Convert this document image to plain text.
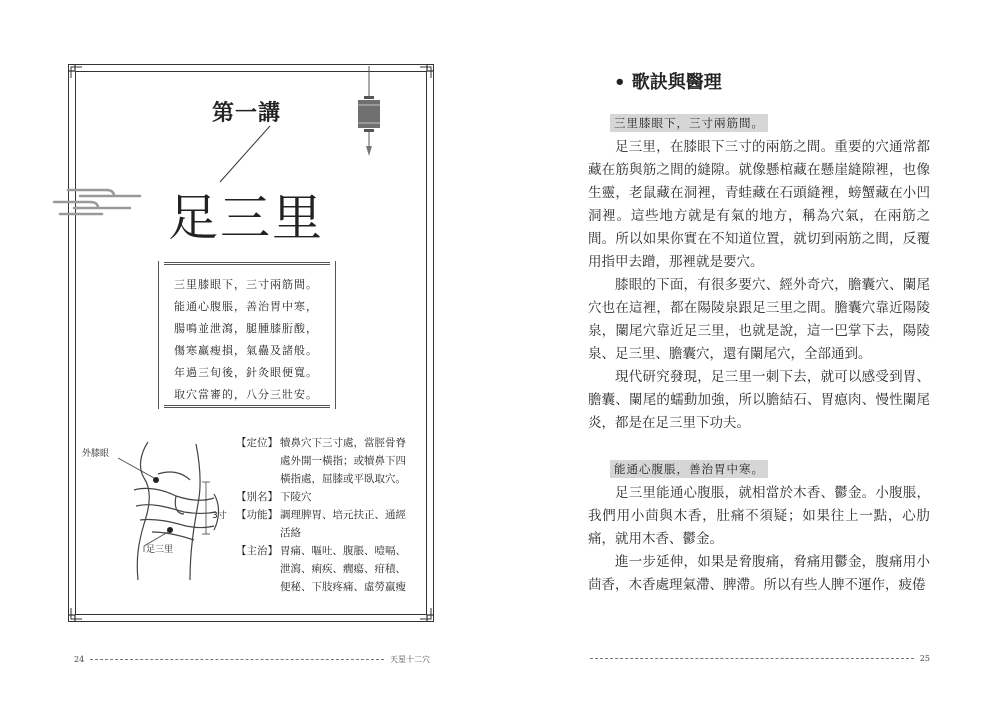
第一講
足三里
三里膝眼下，三寸兩筋間。
能通心腹脹，善治胃中寒，
腸鳴並泄瀉，腿腫膝胻酸，
傷寒羸瘦損，氣蠱及諸般。
年過三旬後，針灸眼便寬。
取穴當審的，八分三壯安。
外膝眼
3寸
足三里
【定位】 犢鼻穴下三寸處，當脛骨脊處外開一橫指；或犢鼻下四橫指處，屈膝或平臥取穴。
【別名】 下陵穴
【功能】 調理脾胃、培元扶正、通經活絡
【主治】 胃痛、嘔吐、腹脹、噎嗝、泄瀉、痢疾、癇瘍、疳積、便秘、下肢疼痛、虛勞羸瘦
24	天星十二穴
• 歌訣與醫理
三里膝眼下，三寸兩筋間。

足三里，在膝眼下三寸的兩筋之間。重要的穴通常都藏在筋與筋之間的縫隙。就像懸棺藏在懸崖縫隙裡，也像生靈，老鼠藏在洞裡，青蛙藏在石頭縫裡，螃蟹藏在小凹洞裡。這些地方就是有氣的地方，稱為穴氣，在兩筋之間。所以如果你實在不知道位置，就切到兩筋之間，反覆用指甲去蹭，那裡就是要穴。

膝眼的下面，有很多要穴、經外奇穴，膽囊穴、闌尾穴也在這裡，都在陽陵泉跟足三里之間。膽囊穴靠近陽陵泉，闌尾穴靠近足三里，也就是說，這一巴掌下去，陽陵泉、足三里、膽囊穴，還有闌尾穴，全部通到。

現代研究發現，足三里一刺下去，就可以感受到胃、膽囊、闌尾的蠕動加強，所以膽結石、胃瘜肉、慢性闌尾炎，都是在足三里下功夫。

能通心腹脹，善治胃中寒。

足三里能通心腹脹，就相當於木香、鬱金。小腹脹，我們用小茴與木香，肚痛不須疑；如果往上一點，心肋痛，就用木香、鬱金。

進一步延伸，如果是脅腹痛，脅痛用鬱金，腹痛用小茴香，木香處理氣滯、脾滯。所以有些人脾不運作，疲倦

25
